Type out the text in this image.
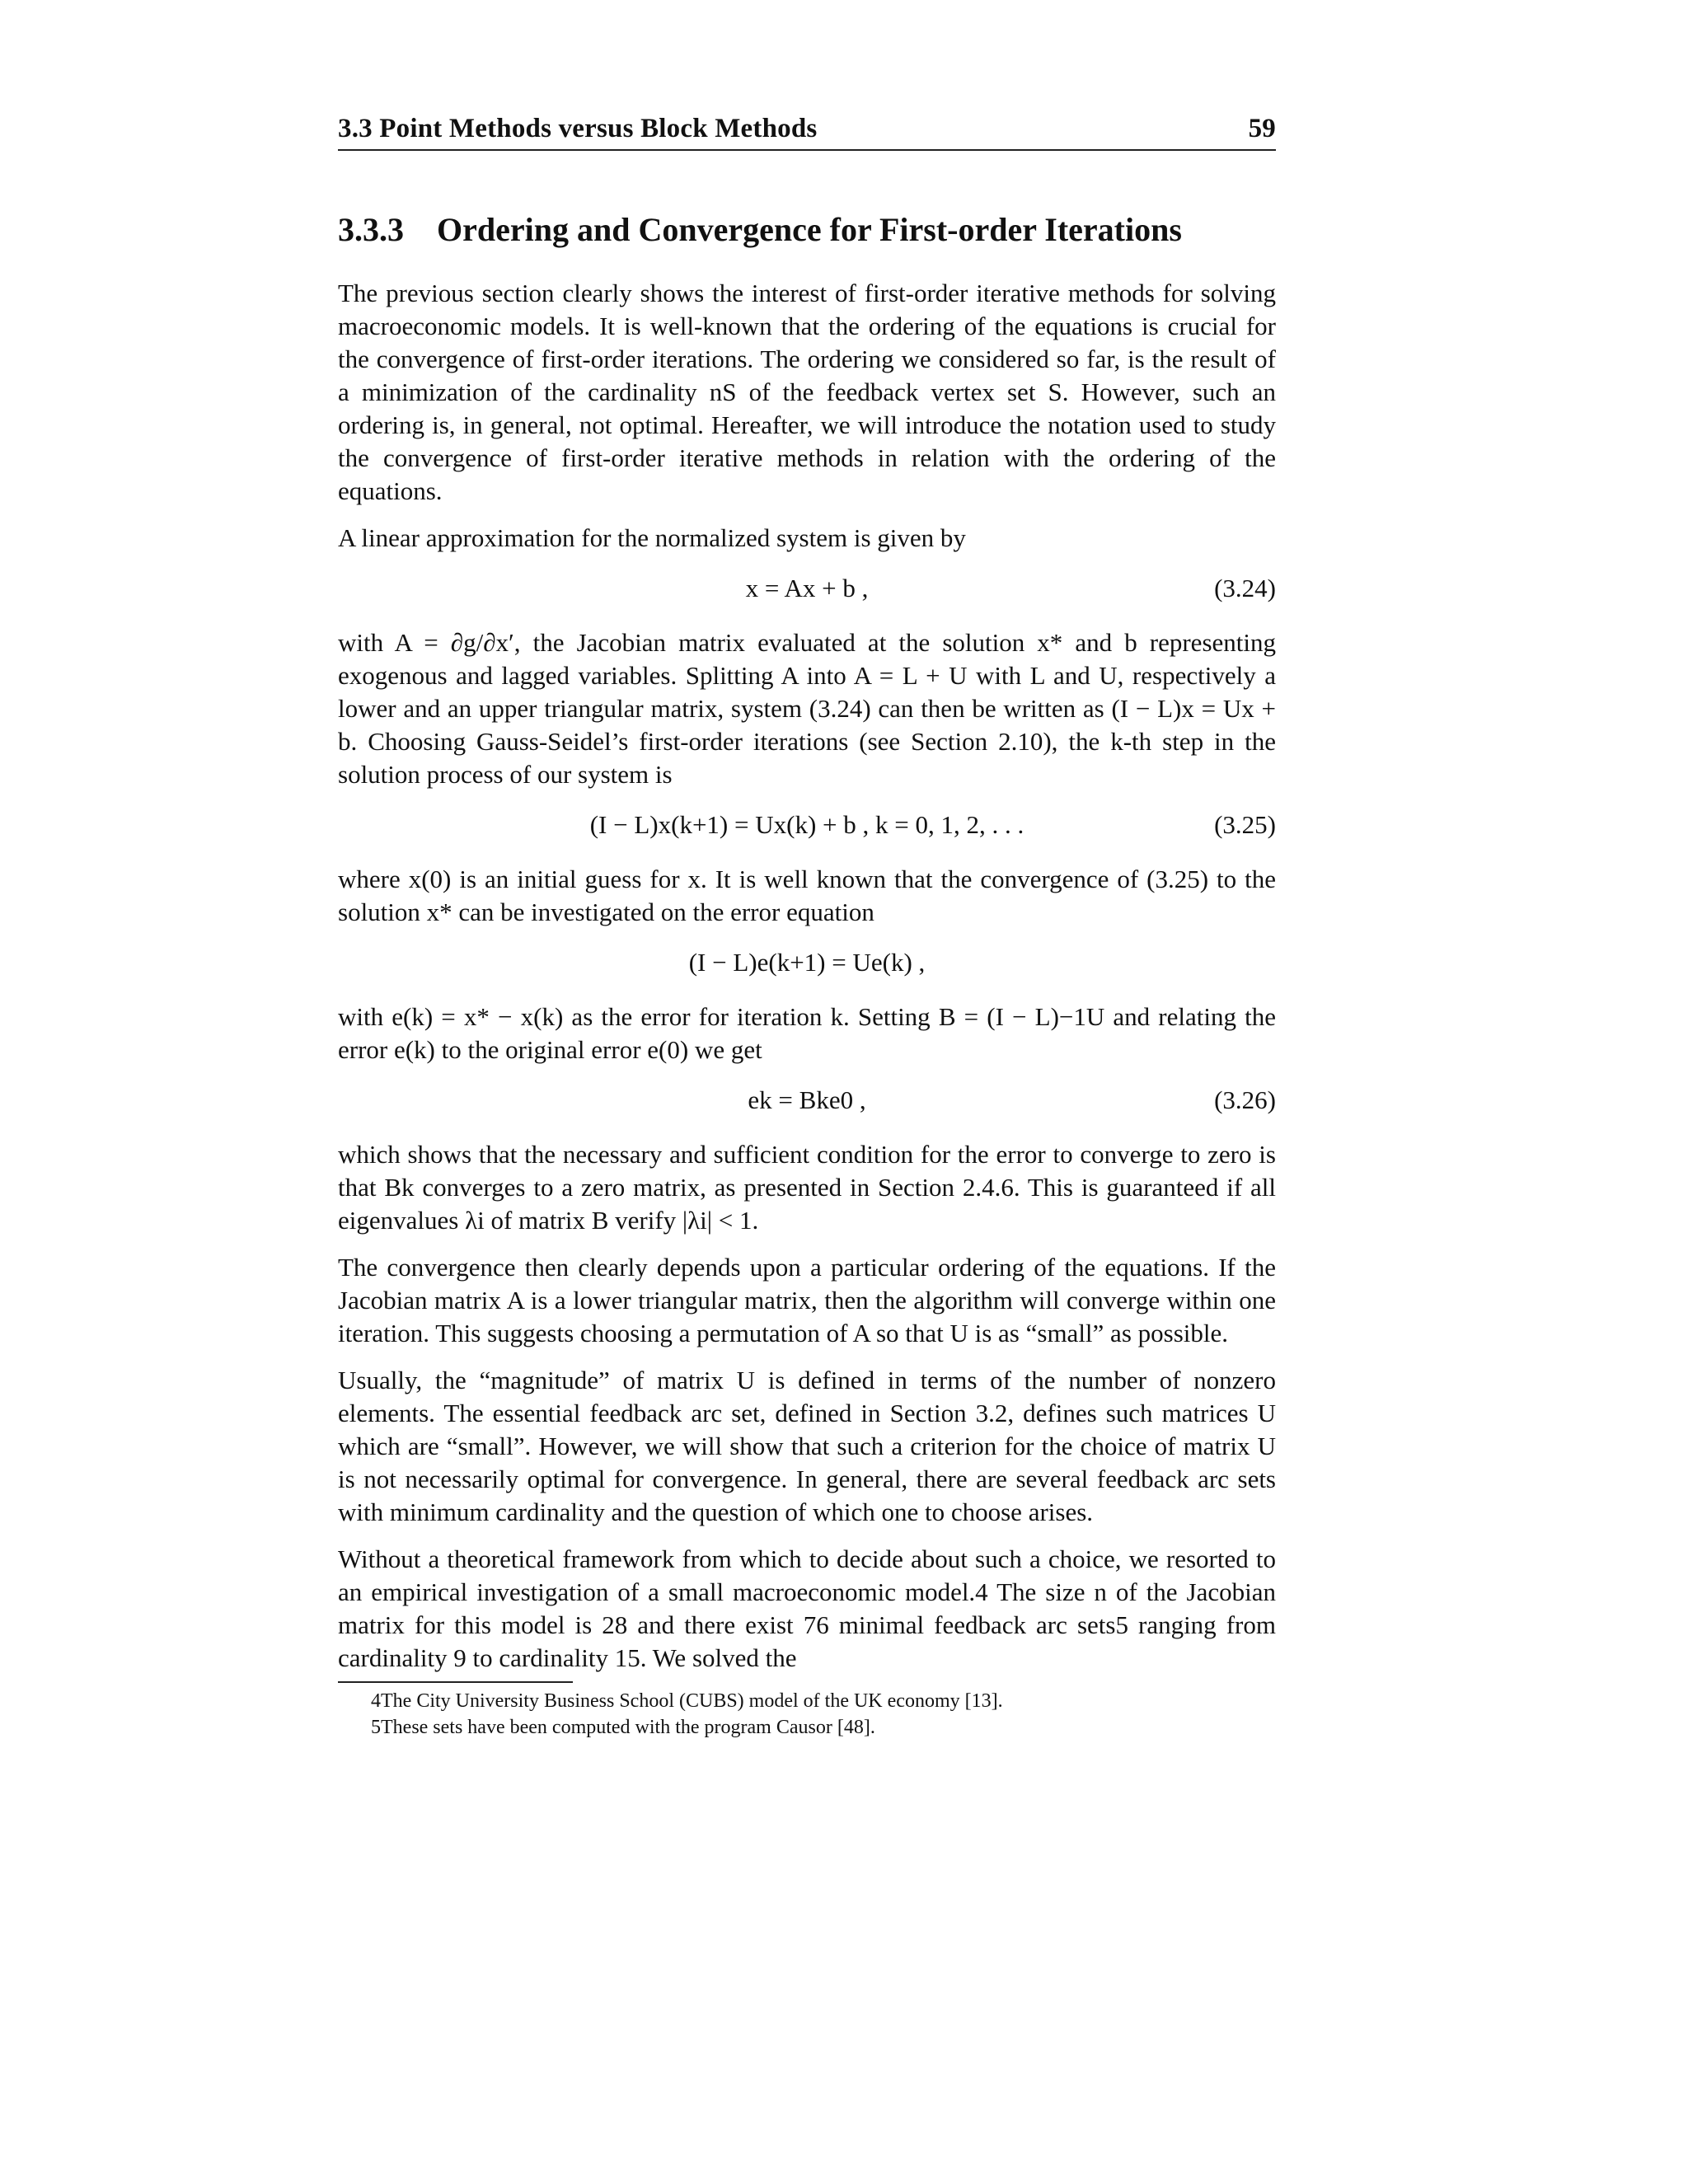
3.3 Point Methods versus Block Methods	59
3.3.3 Ordering and Convergence for First-order Iterations

The previous section clearly shows the interest of first-order iterative methods for solving macroeconomic models. It is well-known that the ordering of the equations is crucial for the convergence of first-order iterations. The ordering we considered so far, is the result of a minimization of the cardinality nS of the feedback vertex set S. However, such an ordering is, in general, not optimal. Hereafter, we will introduce the notation used to study the convergence of first-order iterative methods in relation with the ordering of the equations.

A linear approximation for the normalized system is given by

x = Ax + b ,	(3.24)

with A = ∂g/∂x′, the Jacobian matrix evaluated at the solution x* and b representing exogenous and lagged variables. Splitting A into A = L + U with L and U, respectively a lower and an upper triangular matrix, system (3.24) can then be written as (I − L)x = Ux + b. Choosing Gauss-Seidel’s first-order iterations (see Section 2.10), the k-th step in the solution process of our system is

(I − L)x(k+1) = Ux(k) + b , k = 0, 1, 2, . . .	(3.25)

where x(0) is an initial guess for x. It is well known that the convergence of (3.25) to the solution x* can be investigated on the error equation

(I − L)e(k+1) = Ue(k) ,

with e(k) = x* − x(k) as the error for iteration k. Setting B = (I − L)−1U and relating the error e(k) to the original error e(0) we get

ek = Bke0 ,	(3.26)

which shows that the necessary and sufficient condition for the error to converge to zero is that Bk converges to a zero matrix, as presented in Section 2.4.6. This is guaranteed if all eigenvalues λi of matrix B verify |λi| < 1.

The convergence then clearly depends upon a particular ordering of the equations. If the Jacobian matrix A is a lower triangular matrix, then the algorithm will converge within one iteration. This suggests choosing a permutation of A so that U is as “small” as possible.

Usually, the “magnitude” of matrix U is defined in terms of the number of nonzero elements. The essential feedback arc set, defined in Section 3.2, defines such matrices U which are “small”. However, we will show that such a criterion for the choice of matrix U is not necessarily optimal for convergence. In general, there are several feedback arc sets with minimum cardinality and the question of which one to choose arises.

Without a theoretical framework from which to decide about such a choice, we resorted to an empirical investigation of a small macroeconomic model.4 The size n of the Jacobian matrix for this model is 28 and there exist 76 minimal feedback arc sets5 ranging from cardinality 9 to cardinality 15. We solved the

4The City University Business School (CUBS) model of the UK economy [13].
5These sets have been computed with the program Causor [48].
